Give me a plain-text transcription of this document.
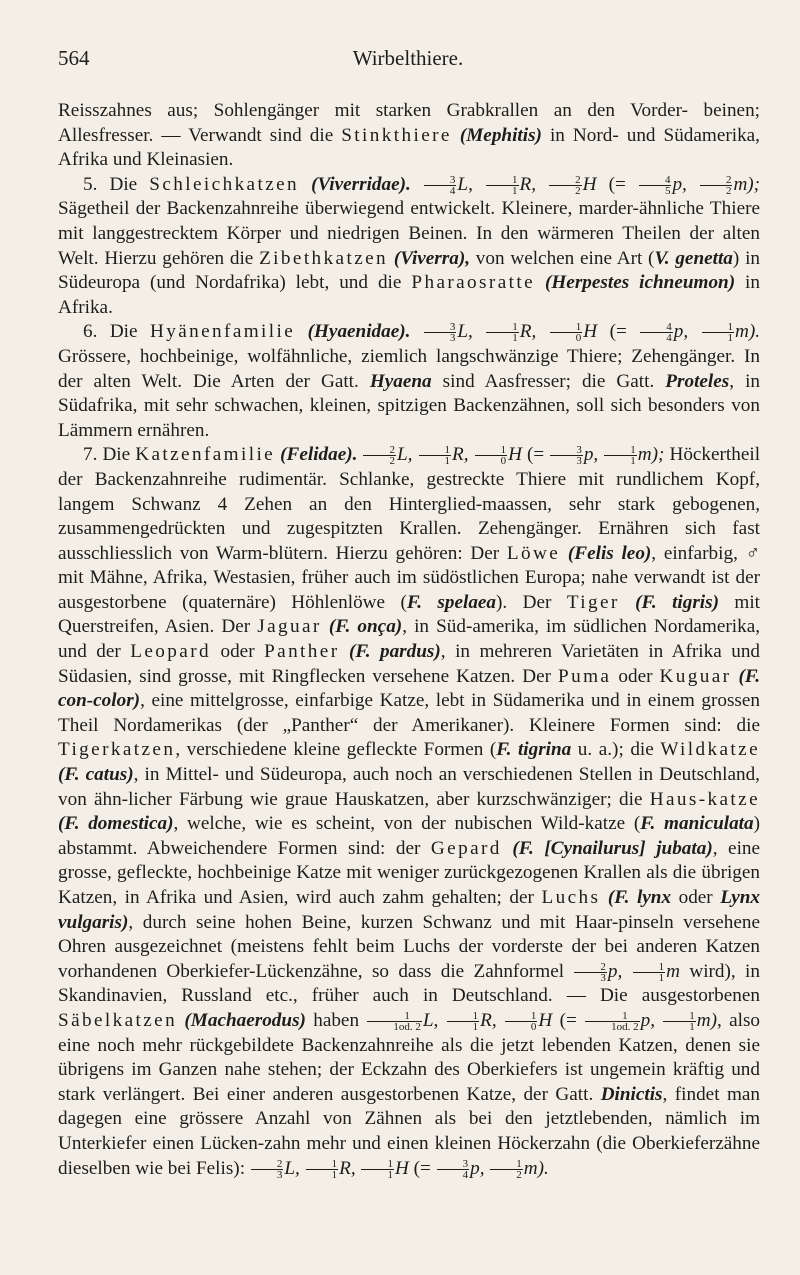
564	Wirbelthiere.

Reisszahnes aus; Sohlengänger mit starken Grabkrallen an den Vorder- beinen; Allesfresser. — Verwandt sind die Stinkthiere (Mephitis) in Nord- und Südamerika, Afrika und Kleinasien.

5. Die Schleichkatzen (Viverridae). $\frac{3}{4} L$, $\frac{1}{1} R$, $\frac{2}{2}$ H (= $\frac{4}{5} p$, $\frac{2}{2} m$); Sägetheil der Backenzahnreihe überwiegend entwickelt. Kleinere, marder-ähnliche Thiere mit langgestrecktem Körper und niedrigen Beinen. In den wärmeren Theilen der alten Welt. Hierzu gehören die Zibethkatzen (Viverra), von welchen eine Art (V. genetta) in Südeuropa (und Nordafrika) lebt, und die Pharaosratte (Herpestes ichneumon) in Afrika.

6. Die Hyänenfamilie (Hyaenidae). $\frac{3}{3} L$, $\frac{1}{1} R$, $\frac{1}{0}$ H (= $\frac{4}{4} p$, $\frac{1}{1} m$). Grössere, hochbeinige, wolfähnliche, ziemlich langschwänzige Thiere; Zehengänger. In der alten Welt. Die Arten der Gatt. Hyaena sind Aasfresser; die Gatt. Proteles, in Südafrika, mit sehr schwachen, kleinen, spitzigen Backenzähnen, soll sich besonders von Lämmern ernähren.

7. Die Katzenfamilie (Felidae). $\frac{2}{2} L$, $\frac{1}{1} R$, $\frac{1}{0}$ H (= $\frac{3}{3} p$, $\frac{1}{1} m$); Höckertheil der Backenzahnreihe rudimentär. Schlanke, gestreckte Thiere mit rundlichem Kopf, langem Schwanz 4 Zehen an den Hinterglied-maassen, sehr stark gebogenen, zusammengedrückten und zugespitzten Krallen. Zehengänger. Ernähren sich fast ausschliesslich von Warm-blütern. Hierzu gehören: Der Löwe (Felis leo), einfarbig, ♂ mit Mähne, Afrika, Westasien, früher auch im südöstlichen Europa; nahe verwandt ist der ausgestorbene (quaternäre) Höhlenlöwe (F. spelaea). Der Tiger (F. tigris) mit Querstreifen, Asien. Der Jaguar (F. onça), in Süd-amerika, im südlichen Nordamerika, und der Leopard oder Panther (F. pardus), in mehreren Varietäten in Afrika und Südasien, sind grosse, mit Ringflecken versehene Katzen. Der Puma oder Kuguar (F. con-color), eine mittelgrosse, einfarbige Katze, lebt in Südamerika und in einem grossen Theil Nordamerikas (der „Panther“ der Amerikaner). Kleinere Formen sind: die Tigerkatzen, verschiedene kleine gefleckte Formen (F. tigrina u. a.); die Wildkatze (F. catus), in Mittel- und Südeuropa, auch noch an verschiedenen Stellen in Deutschland, von ähn-licher Färbung wie graue Hauskatzen, aber kurzschwänziger; die Haus-katze (F. domestica), welche, wie es scheint, von der nubischen Wild-katze (F. maniculata) abstammt. Abweichendere Formen sind: der Gepard (F. [Cynailurus] jubata), eine grosse, gefleckte, hochbeinige Katze mit weniger zurückgezogenen Krallen als die übrigen Katzen, in Afrika und Asien, wird auch zahm gehalten; der Luchs (F. lynx oder Lynx vulgaris), durch seine hohen Beine, kurzen Schwanz und mit Haar-pinseln versehene Ohren ausgezeichnet (meistens fehlt beim Luchs der vorderste der bei anderen Katzen vorhandenen Oberkiefer-Lückenzähne, so dass die Zahnformel $\frac{2}{3} p$, $\frac{1}{1}$ m wird), in Skandinavien, Russland etc., früher auch in Deutschland. — Die ausgestorbenen Säbelkatzen (Machaerodus) haben $\frac{1}{1od. 2} L$, $\frac{1}{1} R$, $\frac{1}{0}$ H (= $\frac{1}{1od. 2} p$, $\frac{1}{1} m$), also eine noch mehr rückgebildete Backenzahnreihe als die jetzt lebenden Katzen, denen sie übrigens im Ganzen nahe stehen; der Eckzahn des Oberkiefers ist ungemein kräftig und stark verlängert. Bei einer anderen ausgestorbenen Katze, der Gatt. Dinictis, findet man dagegen eine grössere Anzahl von Zähnen als bei den jetztlebenden, nämlich im Unterkiefer einen Lücken-zahn mehr und einen kleinen Höckerzahn (die Oberkieferzähne dieselben wie bei Felis): $\frac{2}{3} L$, $\frac{1}{1} R$, $\frac{1}{1}$ H (= $\frac{3}{4} p$, $\frac{1}{2} m$).
